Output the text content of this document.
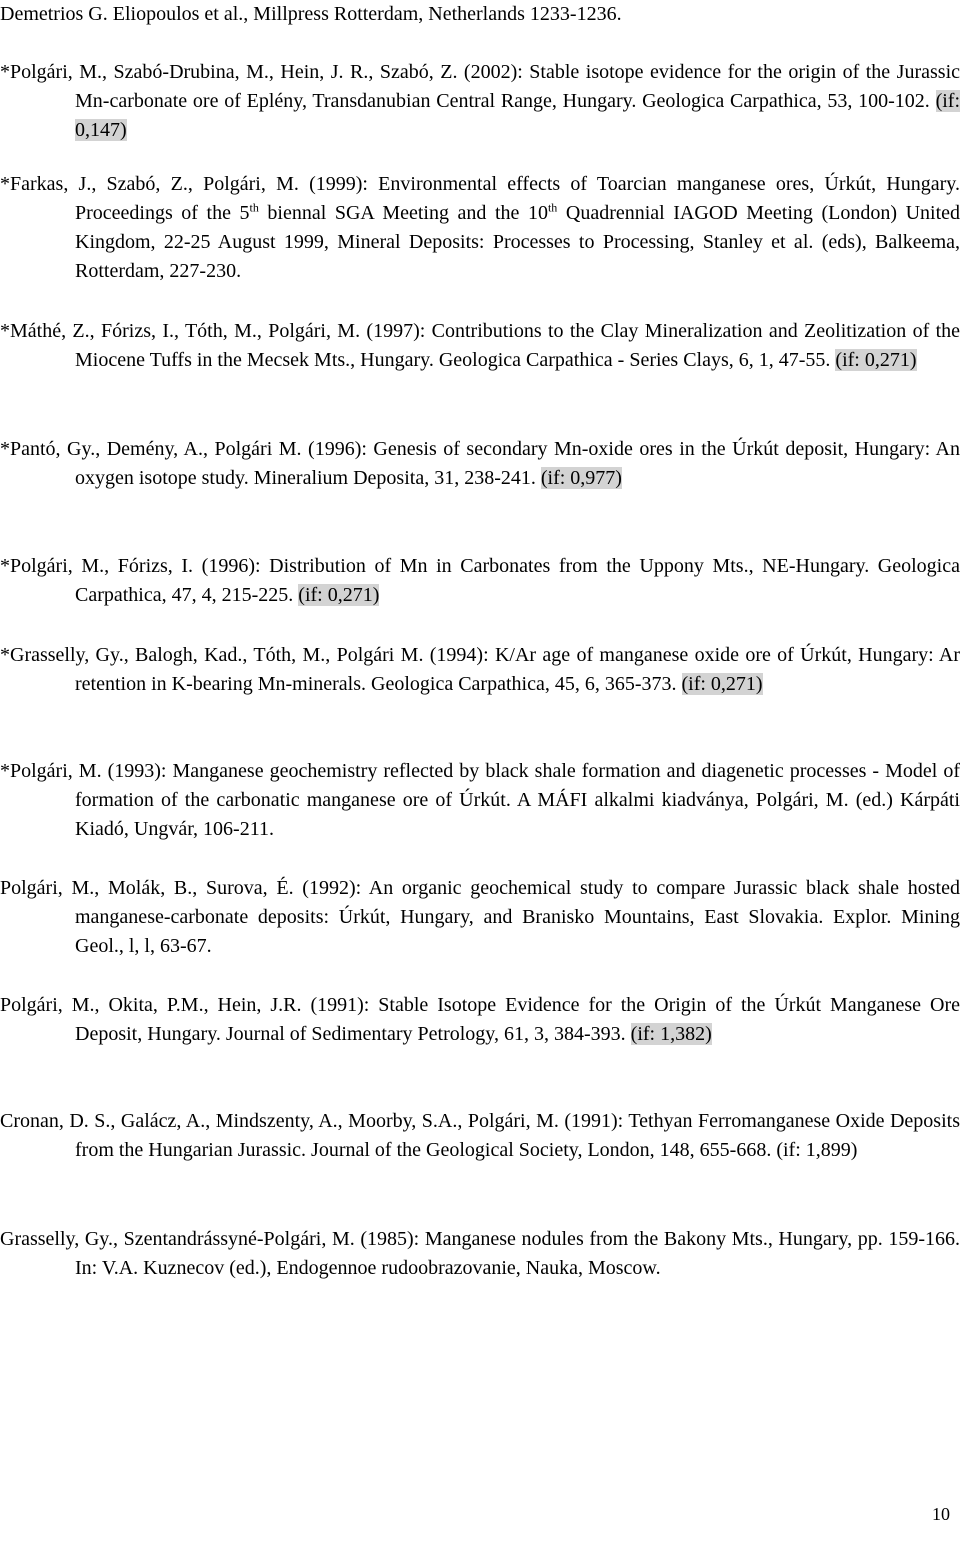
Demetrios G. Eliopoulos et al., Millpress Rotterdam, Netherlands 1233-1236.
*Polgári, M., Szabó-Drubina, M., Hein, J. R., Szabó, Z. (2002): Stable isotope evidence for the origin of the Jurassic Mn-carbonate ore of Eplény, Transdanubian Central Range, Hungary. Geologica Carpathica, 53, 100-102. (if: 0,147)
*Farkas, J., Szabó, Z., Polgári, M. (1999): Environmental effects of Toarcian manganese ores, Úrkút, Hungary. Proceedings of the 5th biennal SGA Meeting and the 10th Quadrennial IAGOD Meeting (London) United Kingdom, 22-25 August 1999, Mineral Deposits: Processes to Processing, Stanley et al. (eds), Balkeema, Rotterdam, 227-230.
*Máthé, Z., Fórizs, I., Tóth, M., Polgári, M. (1997): Contributions to the Clay Mineralization and Zeolitization of the Miocene Tuffs in the Mecsek Mts., Hungary. Geologica Carpathica - Series Clays, 6, 1, 47-55. (if: 0,271)
*Pantó, Gy., Demény, A., Polgári M. (1996): Genesis of secondary Mn-oxide ores in the Úrkút deposit, Hungary: An oxygen isotope study. Mineralium Deposita, 31, 238-241. (if: 0,977)
*Polgári, M., Fórizs, I. (1996): Distribution of Mn in Carbonates from the Uppony Mts., NE-Hungary. Geologica Carpathica, 47, 4, 215-225. (if: 0,271)
*Grasselly, Gy., Balogh, Kad., Tóth, M., Polgári M. (1994): K/Ar age of manganese oxide ore of Úrkút, Hungary: Ar retention in K-bearing Mn-minerals. Geologica Carpathica, 45, 6, 365-373. (if: 0,271)
*Polgári, M. (1993): Manganese geochemistry reflected by black shale formation and diagenetic processes - Model of formation of the carbonatic manganese ore of Úrkút. A MÁFI alkalmi kiadványa, Polgári, M. (ed.) Kárpáti Kiadó, Ungvár, 106-211.
Polgári, M., Molák, B., Surova, É. (1992): An organic geochemical study to compare Jurassic black shale hosted manganese-carbonate deposits: Úrkút, Hungary, and Branisko Mountains, East Slovakia. Explor. Mining Geol., l, l, 63-67.
Polgári, M., Okita, P.M., Hein, J.R. (1991): Stable Isotope Evidence for the Origin of the Úrkút Manganese Ore Deposit, Hungary. Journal of Sedimentary Petrology, 61, 3, 384-393. (if: 1,382)
Cronan, D. S., Galácz, A., Mindszenty, A., Moorby, S.A., Polgári, M. (1991): Tethyan Ferromanganese Oxide Deposits from the Hungarian Jurassic. Journal of the Geological Society, London, 148, 655-668. (if: 1,899)
Grasselly, Gy., Szentandrássyné-Polgári, M. (1985): Manganese nodules from the Bakony Mts., Hungary, pp. 159-166. In: V.A. Kuznecov (ed.), Endogennoe rudoobrazovanie, Nauka, Moscow.
10
